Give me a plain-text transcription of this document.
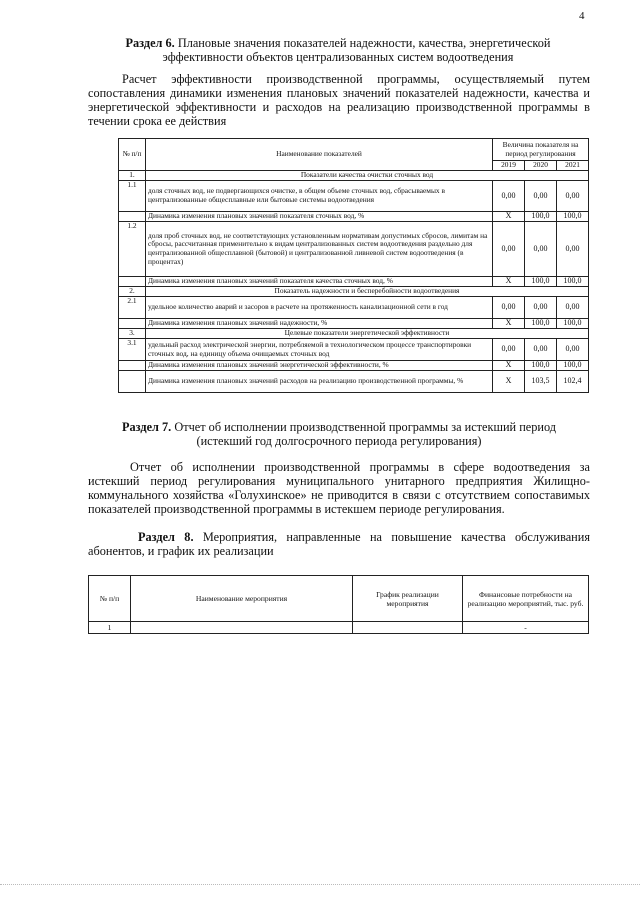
4

Раздел 6. Плановые значения показателей надежности, качества, энергетической
эффективности объектов централизованных систем водоотведения

Расчет эффективности производственной программы, осуществляемый путем сопоставления динамики изменения плановых значений показателей надежности, качества и энергетической эффективности и расходов на реализацию производственной программы в течении срока ее действия

№ п/п	Наименование показателей	Величина показателя на период регулирования		
		2019	2020	2021
1.	Показатели качества очистки сточных вод			
1.1	доля сточных вод, не подвергающихся очистке, в общем объеме сточных вод, сбрасываемых в централизованные общесплавные или бытовые системы водоотведения	0,00	0,00	0,00
	Динамика изменения плановых значений показателя сточных вод, %	X	100,0	100,0
1.2	доля проб сточных вод, не соответствующих установленным нормативам допустимых сбросов, лимитам на сбросы, рассчитанная применительно к видам централизованных систем водоотведения раздельно для централизованной общесплавной (бытовой) и централизованной ливневой систем водоотведения (в процентах)	0,00	0,00	0,00
	Динамика изменения плановых значений показателя качества сточных вод, %	X	100,0	100,0
2.	Показатель надежности и бесперебойности водоотведения			
2.1	удельное количество аварий и засоров в расчете на протяженность канализационной сети в год	0,00	0,00	0,00
	Динамика изменения плановых значений надежности, %	X	100,0	100,0
3.	Целевые показатели энергетической эффективности			
3.1	удельный расход электрической энергии, потребляемой в технологическом процессе транспортировки сточных вод, на единицу объема очищаемых сточных вод	0,00	0,00	0,00
	Динамика изменения плановых значений энергетической эффективности, %	X	100,0	100,0
	Динамика изменения плановых значений расходов на реализацию производственной программы, %	X	103,5	102,4

Раздел 7. Отчет об исполнении производственной программы за истекший период
(истекший год долгосрочного периода регулирования)

Отчет об исполнении производственной программы в сфере водоотведения за истекший период регулирования муниципального унитарного предприятия Жилищно-коммунального хозяйства «Голухинское» не приводится в связи с отсутствием сопоставимых показателей производственной программы в истекшем периоде регулирования.

Раздел 8. Мероприятия, направленные на повышение качества обслуживания абонентов, и график их реализации

№ п/п	Наименование мероприятия	График реализации мероприятия	Финансовые потребности на реализацию мероприятий, тыс. руб.
1			-
